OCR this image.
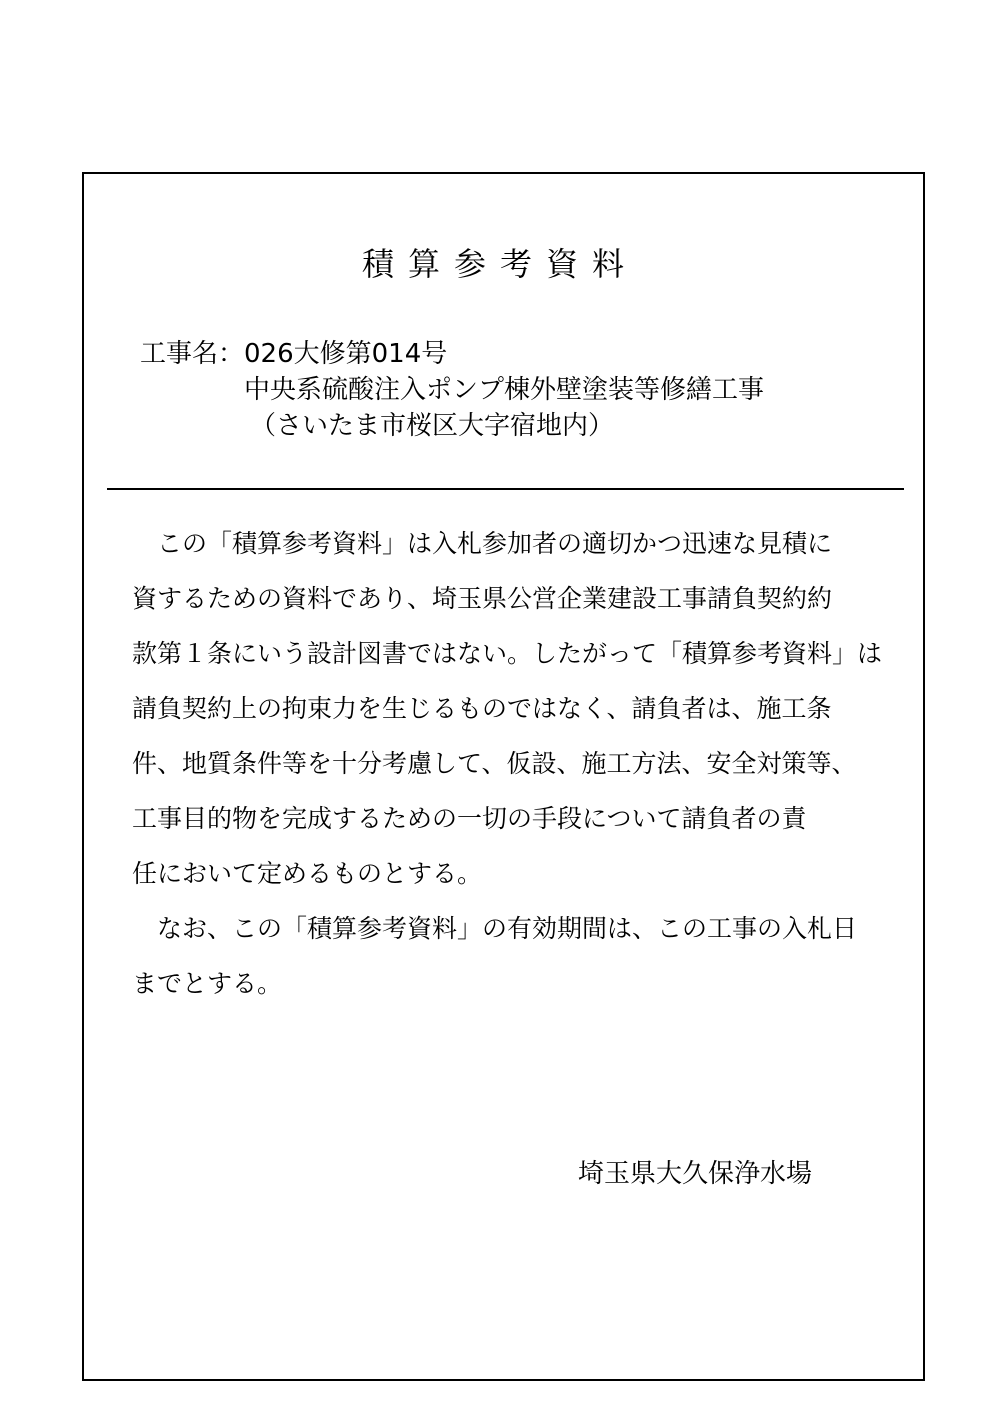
積算参考資料
工事名：026大修第014号
中央系硫酸注入ポンプ棟外壁塗装等修繕工事
（さいたま市桜区大字宿地内）
　この「積算参考資料」は入札参加者の適切かつ迅速な見積に
資するための資料であり、埼玉県公営企業建設工事請負契約約
款第１条にいう設計図書ではない。したがって「積算参考資料」は
請負契約上の拘束力を生じるものではなく、請負者は、施工条
件、地質条件等を十分考慮して、仮設、施工方法、安全対策等、
工事目的物を完成するための一切の手段について請負者の責
任において定めるものとする。
　なお、この「積算参考資料」の有効期間は、この工事の入札日
までとする。
埼玉県大久保浄水場
